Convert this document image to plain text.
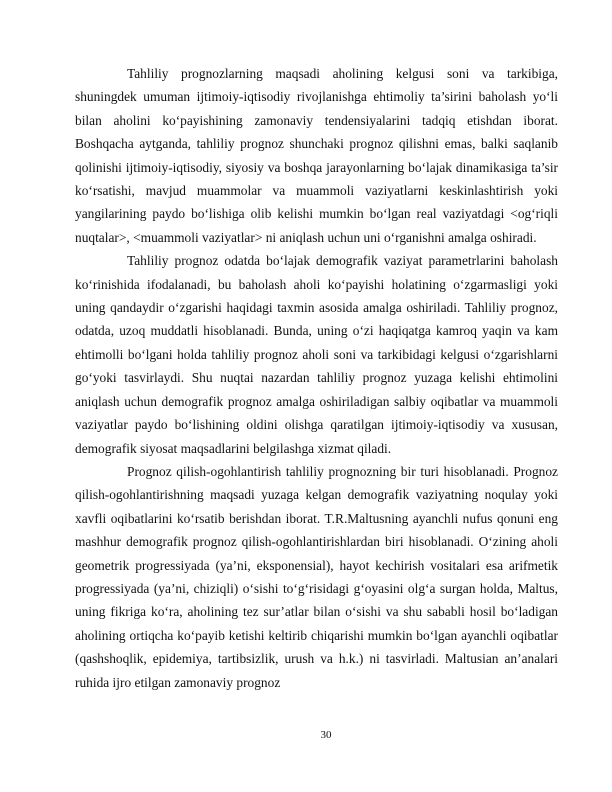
Tahliliy prognozlarning maqsadi aholining kelgusi soni va tarkibiga, shuningdek umuman ijtimoiy-iqtisodiy rivojlanishga ehtimoliy ta’sirini baholash yo‘li bilan aholini ko‘payishining zamonaviy tendensiyalarini tadqiq etishdan iborat. Boshqacha aytganda, tahliliy prognoz shunchaki prognoz qilishni emas, balki saqlanib qolinishi ijtimoiy-iqtisodiy, siyosiy va boshqa jarayonlarning bo‘lajak dinamikasiga ta’sir ko‘rsatishi, mavjud muammolar va muammoli vaziyatlarni keskinlashtirish yoki yangilarining paydo bo‘lishiga olib kelishi mumkin bo‘lgan real vaziyatdagi <og‘riqli nuqtalar>, <muammoli vaziyatlar> ni aniqlash uchun uni o‘rganishni amalga oshiradi.

Tahliliy prognoz odatda bo‘lajak demografik vaziyat parametrlarini baholash ko‘rinishida ifodalanadi, bu baholash aholi ko‘payishi holatining o‘zgarmasligi yoki uning qandaydir o‘zgarishi haqidagi taxmin asosida amalga oshiriladi. Tahliliy prognoz, odatda, uzoq muddatli hisoblanadi. Bunda, uning o‘zi haqiqatga kamroq yaqin va kam ehtimolli bo‘lgani holda tahliliy prognoz aholi soni va tarkibidagi kelgusi o‘zgarishlarni go‘yoki tasvirlaydi. Shu nuqtai nazardan tahliliy prognoz yuzaga kelishi ehtimolini aniqlash uchun demografik prognoz amalga oshiriladigan salbiy oqibatlar va muammoli vaziyatlar paydo bo‘lishining oldini olishga qaratilgan ijtimoiy-iqtisodiy va xususan, demografik siyosat maqsadlarini belgilashga xizmat qiladi.

Prognoz qilish-ogohlantirish tahliliy prognozning bir turi hisoblanadi. Prognoz qilish-ogohlantirishning maqsadi yuzaga kelgan demografik vaziyatning noqulay yoki xavfli oqibatlarini ko‘rsatib berishdan iborat. T.R.Maltusning ayanchli nufus qonuni eng mashhur demografik prognoz qilish-ogohlantirishlardan biri hisoblanadi. O‘zining aholi geometrik progressiyada (ya’ni, eksponensial), hayot kechirish vositalari esa arifmetik progressiyada (ya’ni, chiziqli) o‘sishi to‘g‘risidagi g‘oyasini olg‘a surgan holda, Maltus, uning fikriga ko‘ra, aholining tez sur’atlar bilan o‘sishi va shu sababli hosil bo‘ladigan aholining ortiqcha ko‘payib ketishi keltirib chiqarishi mumkin bo‘lgan ayanchli oqibatlar (qashshoqlik, epidemiya, tartibsizlik, urush va h.k.) ni tasvirladi. Maltusian an’analari ruhida ijro etilgan zamonaviy prognoz

30
